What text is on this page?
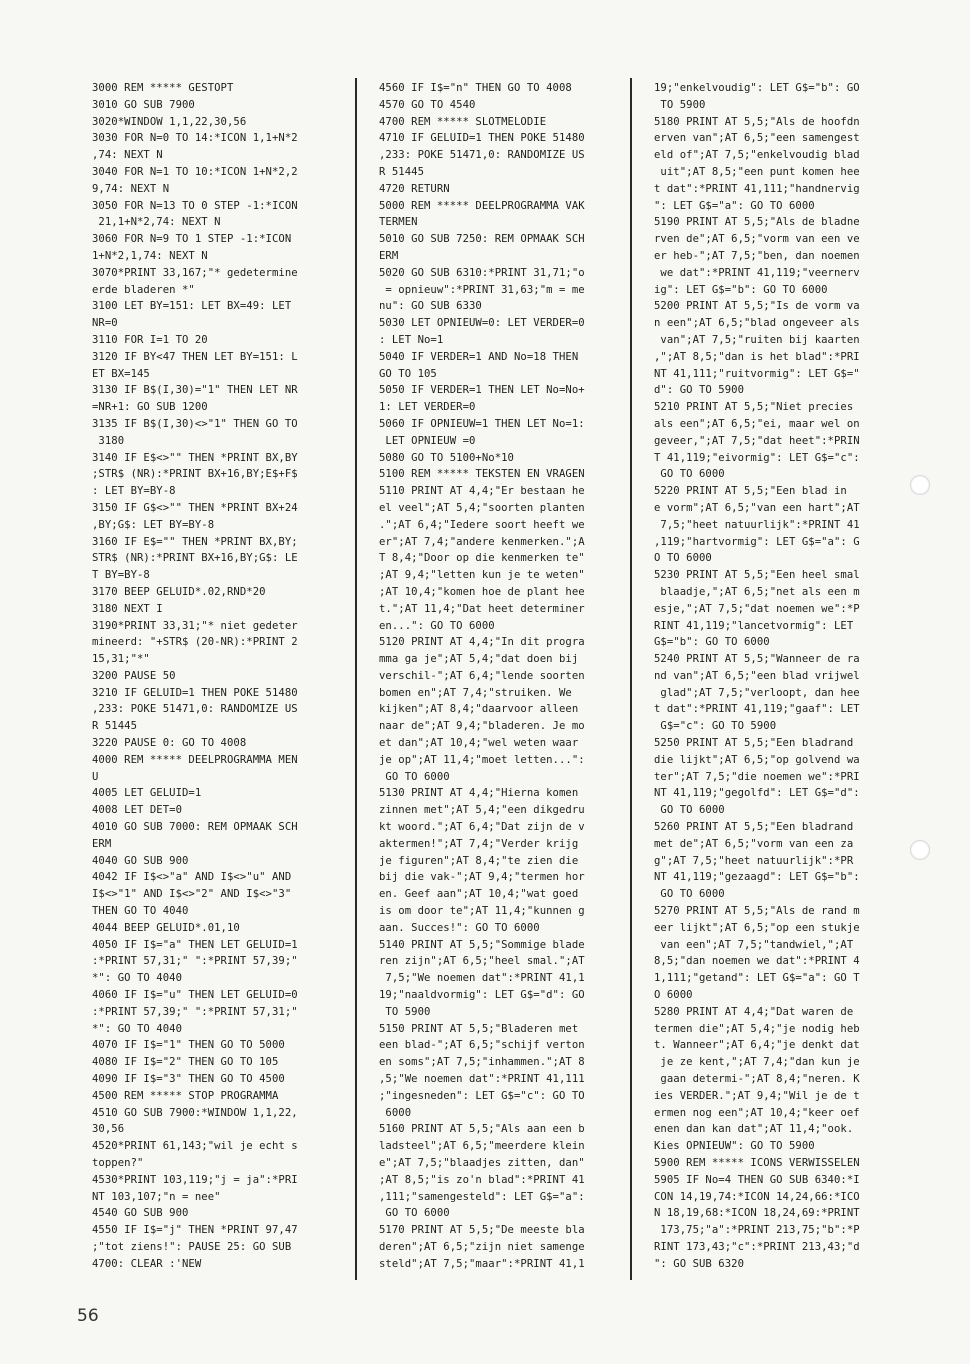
3000 REM ***** GESTOPT
3010 GO SUB 7900
3020*WINDOW 1,1,22,30,56
3030 FOR N=0 TO 14:*ICON 1,1+N*2
,74: NEXT N
3040 FOR N=1 TO 10:*ICON 1+N*2,2
9,74: NEXT N
3050 FOR N=13 TO 0 STEP -1:*ICON
21,1+N*2,74: NEXT N
3060 FOR N=9 TO 1 STEP -1:*ICON
1+N*2,1,74: NEXT N
3070*PRINT 33,167;"* gedetermine
erde bladeren *"
3100 LET BY=151: LET BX=49: LET
NR=0
3110 FOR I=1 TO 20
3120 IF BY<47 THEN LET BY=151: L
ET BX=145
3130 IF B$(I,30)="1" THEN LET NR
=NR+1: GO SUB 1200
3135 IF B$(I,30)<>"1" THEN GO TO
3180
3140 IF E$<>"" THEN *PRINT BX,BY
;STR$ (NR):*PRINT BX+16,BY;E$+F$
: LET BY=BY-8
3150 IF G$<>"" THEN *PRINT BX+24
,BY;G$: LET BY=BY-8
3160 IF E$="" THEN *PRINT BX,BY;
STR$ (NR):*PRINT BX+16,BY;G$: LE
T BY=BY-8
3170 BEEP GELUID*.02,RND*20
3180 NEXT I
3190*PRINT 33,31;"* niet gedeter
mineerd: "+STR$ (20-NR):*PRINT 2
15,31;"*"
3200 PAUSE 50
3210 IF GELUID=1 THEN POKE 51480
,233: POKE 51471,0: RANDOMIZE US
R 51445
3220 PAUSE 0: GO TO 4008
4000 REM ***** DEELPROGRAMMA MEN
U
4005 LET GELUID=1
4008 LET DET=0
4010 GO SUB 7000: REM OPMAAK SCH
ERM
4040 GO SUB 900
4042 IF I$<>"a" AND I$<>"u" AND
I$<>"1" AND I$<>"2" AND I$<>"3"
THEN GO TO 4040
4044 BEEP GELUID*.01,10
4050 IF I$="a" THEN LET GELUID=1
:*PRINT 57,31;" ":*PRINT 57,39;"
*": GO TO 4040
4060 IF I$="u" THEN LET GELUID=0
:*PRINT 57,39;" ":*PRINT 57,31;"
*": GO TO 4040
4070 IF I$="1" THEN GO TO 5000
4080 IF I$="2" THEN GO TO 105
4090 IF I$="3" THEN GO TO 4500
4500 REM ***** STOP PROGRAMMA
4510 GO SUB 7900:*WINDOW 1,1,22,
30,56
4520*PRINT 61,143;"wil je echt s
toppen?"
4530*PRINT 103,119;"j = ja":*PRI
NT 103,107;"n = nee"
4540 GO SUB 900
4550 IF I$="j" THEN *PRINT 97,47
;"tot ziens!": PAUSE 25: GO SUB
4700: CLEAR :'NEW
4560 IF I$="n" THEN GO TO 4008
4570 GO TO 4540
4700 REM ***** SLOTMELODIE
4710 IF GELUID=1 THEN POKE 51480
,233: POKE 51471,0: RANDOMIZE US
R 51445
4720 RETURN
5000 REM ***** DEELPROGRAMMA VAK
TERMEN
5010 GO SUB 7250: REM OPMAAK SCH
ERM
5020 GO SUB 6310:*PRINT 31,71;"o
= opnieuw":*PRINT 31,63;"m = me
nu": GO SUB 6330
5030 LET OPNIEUW=0: LET VERDER=0
: LET No=1
5040 IF VERDER=1 AND No=18 THEN
GO TO 105
5050 IF VERDER=1 THEN LET No=No+
1: LET VERDER=0
5060 IF OPNIEUW=1 THEN LET No=1:
LET OPNIEUW =0
5080 GO TO 5100+No*10
5100 REM ***** TEKSTEN EN VRAGEN
5110 PRINT AT 4,4;"Er bestaan he
el veel";AT 5,4;"soorten planten
.";AT 6,4;"Iedere soort heeft we
er";AT 7,4;"andere kenmerken.";A
T 8,4;"Door op die kenmerken te"
;AT 9,4;"letten kun je te weten"
;AT 10,4;"komen hoe de plant hee
t.";AT 11,4;"Dat heet determiner
en...": GO TO 6000
5120 PRINT AT 4,4;"In dit progra
mma ga je";AT 5,4;"dat doen bij
verschil-";AT 6,4;"lende soorten
bomen en";AT 7,4;"struiken. We
kijken";AT 8,4;"daarvoor alleen
naar de";AT 9,4;"bladeren. Je mo
et dan";AT 10,4;"wel weten waar
je op";AT 11,4;"moet letten...":
GO TO 6000
5130 PRINT AT 4,4;"Hierna komen
zinnen met";AT 5,4;"een dikgedru
kt woord.";AT 6,4;"Dat zijn de v
aktermen!";AT 7,4;"Verder krijg
je figuren";AT 8,4;"te zien die
bij die vak-";AT 9,4;"termen hor
en. Geef aan";AT 10,4;"wat goed
is om door te";AT 11,4;"kunnen g
aan. Succes!": GO TO 6000
5140 PRINT AT 5,5;"Sommige blade
ren zijn";AT 6,5;"heel smal.";AT
7,5;"We noemen dat":*PRINT 41,1
19;"naaldvormig": LET G$="d": GO
TO 5900
5150 PRINT AT 5,5;"Bladeren met
een blad-";AT 6,5;"schijf verton
en soms";AT 7,5;"inhammen.";AT 8
,5;"We noemen dat":*PRINT 41,111
;"ingesneden": LET G$="c": GO TO
6000
5160 PRINT AT 5,5;"Als aan een b
ladsteel";AT 6,5;"meerdere klein
e";AT 7,5;"blaadjes zitten, dan"
;AT 8,5;"is zo'n blad":*PRINT 41
,111;"samengesteld": LET G$="a":
GO TO 6000
5170 PRINT AT 5,5;"De meeste bla
deren";AT 6,5;"zijn niet samenge
steld";AT 7,5;"maar":*PRINT 41,1
19;"enkelvoudig": LET G$="b": GO
TO 5900
5180 PRINT AT 5,5;"Als de hoofdn
erven van";AT 6,5;"een samengest
eld of";AT 7,5;"enkelvoudig blad
uit";AT 8,5;"een punt komen hee
t dat":*PRINT 41,111;"handnervig
": LET G$="a": GO TO 6000
5190 PRINT AT 5,5;"Als de bladne
rven de";AT 6,5;"vorm van een ve
er heb-";AT 7,5;"ben, dan noemen
we dat":*PRINT 41,119;"veernerv
ig": LET G$="b": GO TO 6000
5200 PRINT AT 5,5;"Is de vorm va
n een";AT 6,5;"blad ongeveer als
van";AT 7,5;"ruiten bij kaarten
,";AT 8,5;"dan is het blad":*PRI
NT 41,111;"ruitvormig": LET G$="
d": GO TO 5900
5210 PRINT AT 5,5;"Niet precies
als een";AT 6,5;"ei, maar wel on
geveer,";AT 7,5;"dat heet":*PRIN
T 41,119;"eivormig": LET G$="c":
GO TO 6000
5220 PRINT AT 5,5;"Een blad in
e vorm";AT 6,5;"van een hart";AT
7,5;"heet natuurlijk":*PRINT 41
,119;"hartvormig": LET G$="a": G
O TO 6000
5230 PRINT AT 5,5;"Een heel smal
blaadje,";AT 6,5;"net als een m
esje,";AT 7,5;"dat noemen we":*P
RINT 41,119;"lancetvormig": LET
G$="b": GO TO 6000
5240 PRINT AT 5,5;"Wanneer de ra
nd van";AT 6,5;"een blad vrijwel
glad";AT 7,5;"verloopt, dan hee
t dat":*PRINT 41,119;"gaaf": LET
G$="c": GO TO 5900
5250 PRINT AT 5,5;"Een bladrand
die lijkt";AT 6,5;"op golvend wa
ter";AT 7,5;"die noemen we":*PRI
NT 41,119;"gegolfd": LET G$="d":
GO TO 6000
5260 PRINT AT 5,5;"Een bladrand
met de";AT 6,5;"vorm van een za
g";AT 7,5;"heet natuurlijk":*PR
NT 41,119;"gezaagd": LET G$="b":
GO TO 6000
5270 PRINT AT 5,5;"Als de rand m
eer lijkt";AT 6,5;"op een stukje
van een";AT 7,5;"tandwiel,";AT
8,5;"dan noemen we dat":*PRINT 4
1,111;"getand": LET G$="a": GO T
O 6000
5280 PRINT AT 4,4;"Dat waren de
termen die";AT 5,4;"je nodig heb
t. Wanneer";AT 6,4;"je denkt dat
je ze kent,";AT 7,4;"dan kun je
gaan determi-";AT 8,4;"neren. K
ies VERDER.";AT 9,4;"Wil je de t
ermen nog een";AT 10,4;"keer oef
enen dan kan dat";AT 11,4;"ook.
Kies OPNIEUW": GO TO 5900
5900 REM ***** ICONS VERWISSELEN
5905 IF No=4 THEN GO SUB 6340:*I
CON 14,19,74:*ICON 14,24,66:*ICO
N 18,19,68:*ICON 18,24,69:*PRINT
173,75;"a":*PRINT 213,75;"b":*P
RINT 173,43;"c":*PRINT 213,43;"d
": GO SUB 6320
56
